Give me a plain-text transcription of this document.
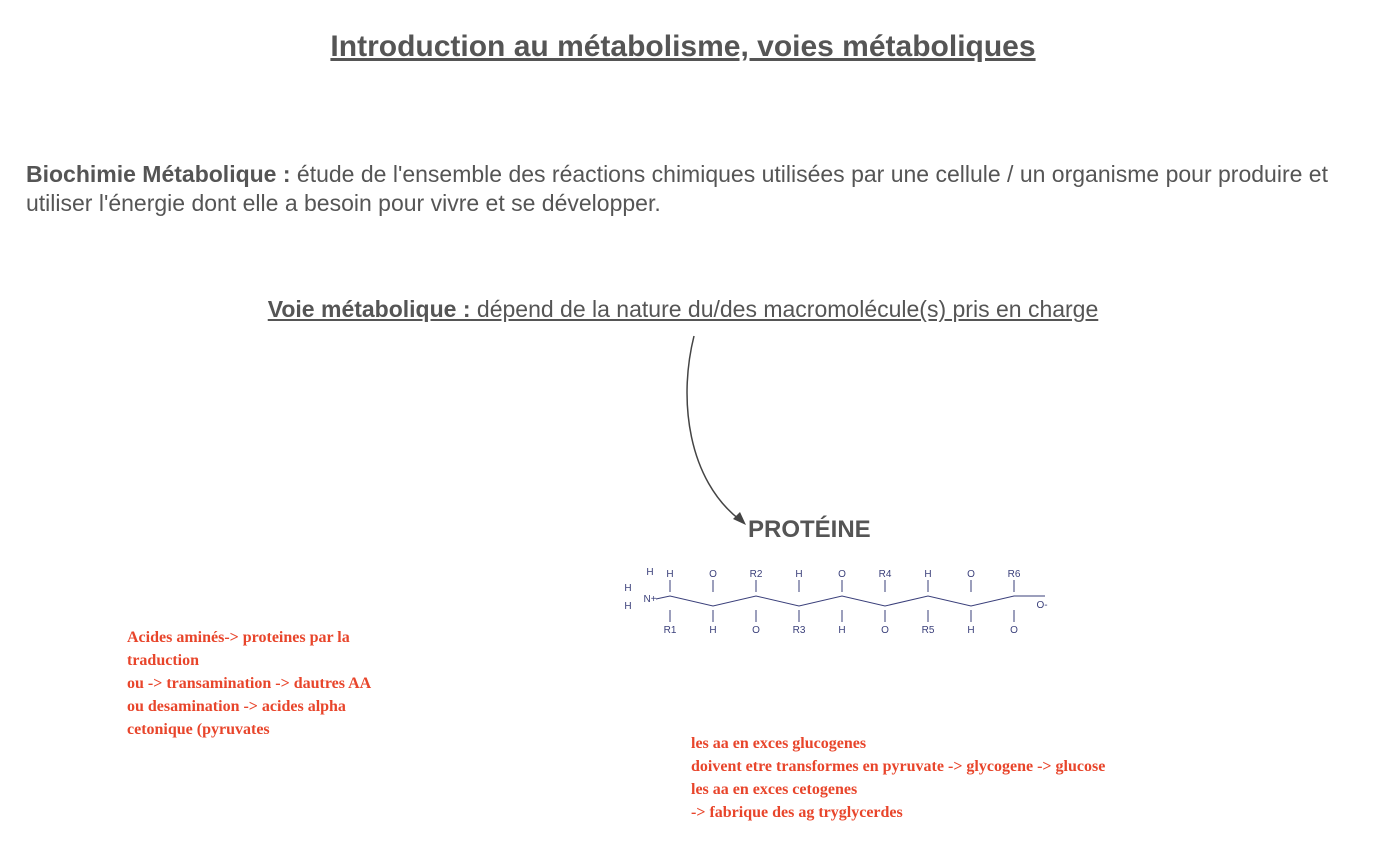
Introduction au métabolisme, voies métaboliques
Biochimie Métabolique : étude de l'ensemble des réactions chimiques utilisées par une cellule / un organisme pour produire et utiliser l'énergie dont elle a besoin pour vivre et se développer.
Voie métabolique : dépend de la nature du/des macromolécule(s) pris en charge
PROTÉINE
H
H
H
N+
O-
H
R1
O
H
R2
O
H
R3
O
H
R4
O
H
R5
O
H
R6
O
Acides aminés-> proteines par la
traduction
ou -> transamination -> dautres AA
ou desamination -> acides alpha
cetonique (pyruvates
les aa en exces glucogenes
doivent etre transformes en pyruvate -> glycogene -> glucose
les aa en exces cetogenes
-> fabrique des ag tryglycerdes
